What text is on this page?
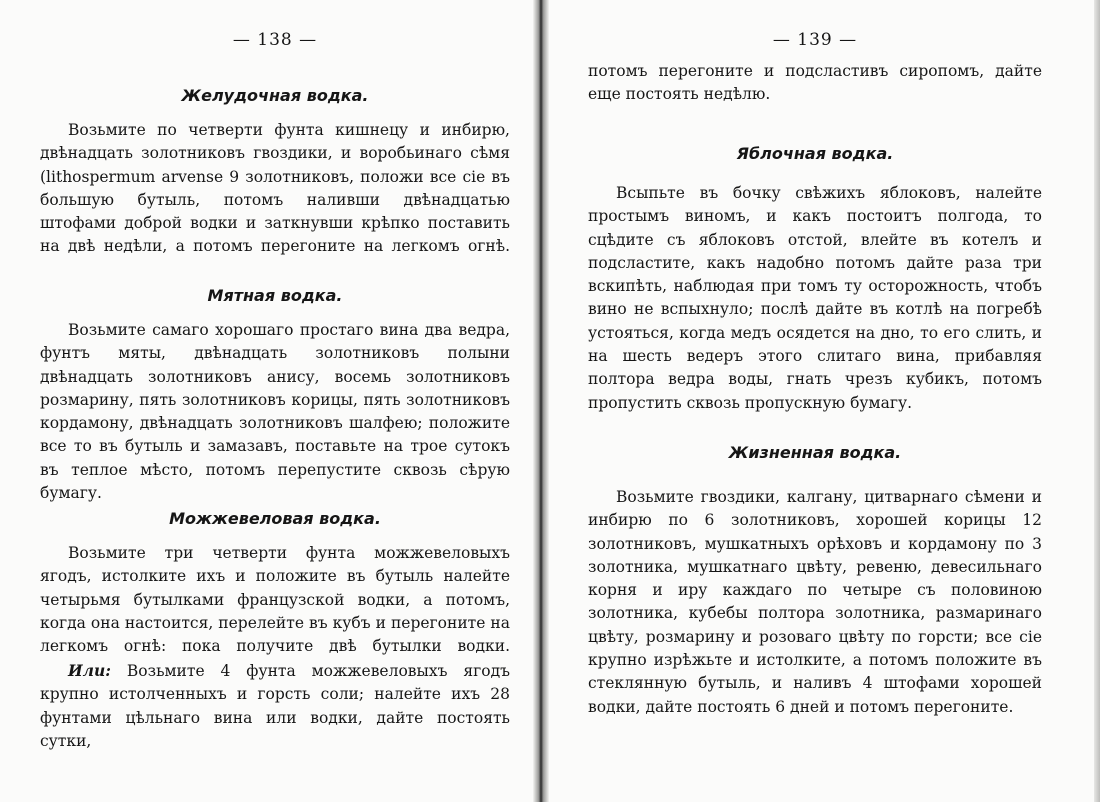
— 138 —
Желудочная водка.

Возьмите по четверти фунта кишнецу и инбирю, двѣнадцать золотниковъ гвоздики, и воробьинаго сѣмя (lithospermum arvense 9 золотниковъ, положи все сіе въ большую бутыль, потомъ наливши двѣнадцатью штофами доброй водки и заткнувши крѣпко поставить на двѣ недѣли, а потомъ перегоните на легкомъ огнѣ.

Мятная водка.

Возьмите самаго хорошаго простаго вина два ведра, фунтъ мяты, двѣнадцать золотниковъ полыни двѣнадцать золотниковъ анису, восемь золотниковъ розмарину, пять золотниковъ корицы, пять золотниковъ кордамону, двѣнадцать золотниковъ шалфею; положите все то въ бутыль и замазавъ, поставьте на трое сутокъ въ теплое мѣсто, потомъ перепустите сквозь сѣрую бумагу.

Можжевеловая водка.

Возьмите три четверти фунта можжевеловыхъ ягодъ, истолките ихъ и положите въ бутыль налейте четырьмя бутылками французской водки, а потомъ, когда она настоится, перелейте въ кубъ и перегоните на легкомъ огнѣ: пока получите двѣ бутылки водки.

Или: Возьмите 4 фунта можжевеловыхъ ягодъ крупно истолченныхъ и горсть соли; налейте ихъ 28 фунтами цѣльнаго вина или водки, дайте постоять сутки,

— 139 —

потомъ перегоните и подсластивъ сиропомъ, дайте еще постоять недѣлю.

Яблочная водка.

Всыпьте въ бочку свѣжихъ яблоковъ, налейте простымъ виномъ, и какъ постоитъ полгода, то сцѣдите съ яблоковъ отстой, влейте въ котелъ и подсластите, какъ надобно потомъ дайте раза три вскипѣть, наблюдая при томъ ту осторожность, чтобъ вино не вспыхнуло; послѣ дайте въ котлѣ на погребѣ устояться, когда медъ осядется на дно, то его слить, и на шесть ведеръ этого слитаго вина, прибавляя полтора ведра воды, гнать чрезъ кубикъ, потомъ пропустить сквозь пропускную бумагу.

Жизненная водка.

Возьмите гвоздики, калгану, цитварнаго сѣмени и инбирю по 6 золотниковъ, хорошей корицы 12 золотниковъ, мушкатныхъ орѣховъ и кордамону по 3 золотника, мушкатнаго цвѣту, ревеню, девесильнаго корня и иру каждаго по четыре съ половиною золотника, кубебы полтора золотника, размаринаго цвѣту, розмарину и розоваго цвѣту по горсти; все сіе крупно изрѣжьте и истолките, а потомъ положите въ стеклянную бутыль, и наливъ 4 штофами хорошей водки, дайте постоять 6 дней и потомъ перегоните.
